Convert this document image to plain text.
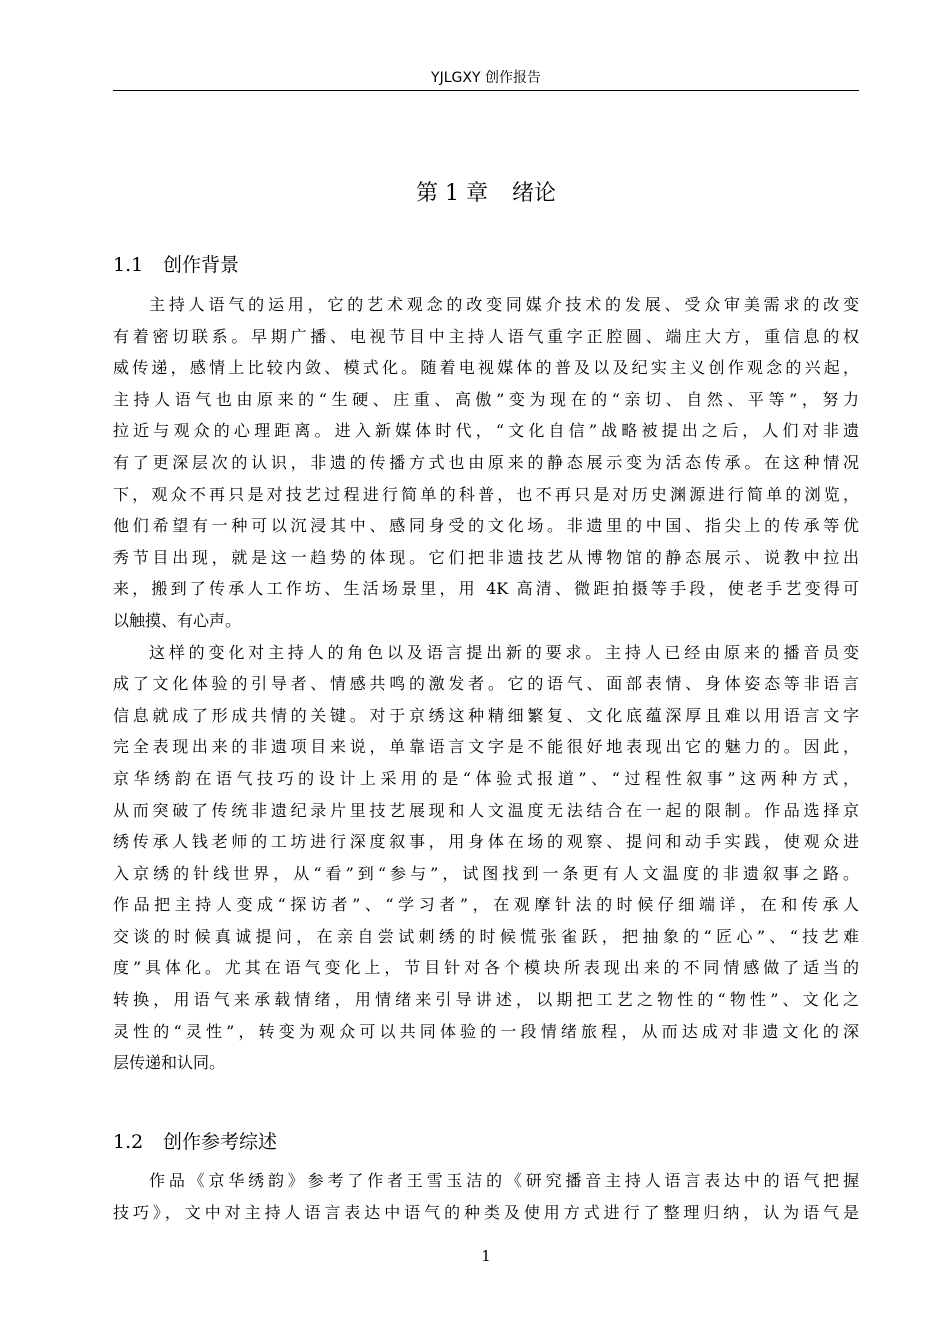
YJLGXY 创作报告
第 1 章 绪论
1.1 创作背景
主持人语气的运用，它的艺术观念的改变同媒介技术的发展、受众审美需求的改变
有着密切联系。早期广播、电视节目中主持人语气重字正腔圆、端庄大方，重信息的权
威传递，感情上比较内敛、模式化。随着电视媒体的普及以及纪实主义创作观念的兴起，
主持人语气也由原来的“生硬、庄重、高傲”变为现在的“亲切、自然、平等”，努力
拉近与观众的心理距离。进入新媒体时代，“文化自信”战略被提出之后，人们对非遗
有了更深层次的认识，非遗的传播方式也由原来的静态展示变为活态传承。在这种情况
下，观众不再只是对技艺过程进行简单的科普，也不再只是对历史渊源进行简单的浏览，
他们希望有一种可以沉浸其中、感同身受的文化场。非遗里的中国、指尖上的传承等优
秀节目出现，就是这一趋势的体现。它们把非遗技艺从博物馆的静态展示、说教中拉出
来，搬到了传承人工作坊、生活场景里，用 4K 高清、微距拍摄等手段，使老手艺变得可
以触摸、有心声。
这样的变化对主持人的角色以及语言提出新的要求。主持人已经由原来的播音员变
成了文化体验的引导者、情感共鸣的激发者。它的语气、面部表情、身体姿态等非语言
信息就成了形成共情的关键。对于京绣这种精细繁复、文化底蕴深厚且难以用语言文字
完全表现出来的非遗项目来说，单靠语言文字是不能很好地表现出它的魅力的。因此，
京华绣韵在语气技巧的设计上采用的是“体验式报道”、“过程性叙事”这两种方式，
从而突破了传统非遗纪录片里技艺展现和人文温度无法结合在一起的限制。作品选择京
绣传承人钱老师的工坊进行深度叙事，用身体在场的观察、提问和动手实践，使观众进
入京绣的针线世界，从“看”到“参与”，试图找到一条更有人文温度的非遗叙事之路。
作品把主持人变成“探访者”、“学习者”，在观摩针法的时候仔细端详，在和传承人
交谈的时候真诚提问，在亲自尝试刺绣的时候慌张雀跃，把抽象的“匠心”、“技艺难
度”具体化。尤其在语气变化上，节目针对各个模块所表现出来的不同情感做了适当的
转换，用语气来承载情绪，用情绪来引导讲述，以期把工艺之物性的“物性”、文化之
灵性的“灵性”，转变为观众可以共同体验的一段情绪旅程，从而达成对非遗文化的深
层传递和认同。
1.2 创作参考综述
作品《京华绣韵》参考了作者王雪玉洁的《研究播音主持人语言表达中的语气把握
技巧》，文中对主持人语言表达中语气的种类及使用方式进行了整理归纳，认为语气是
1
